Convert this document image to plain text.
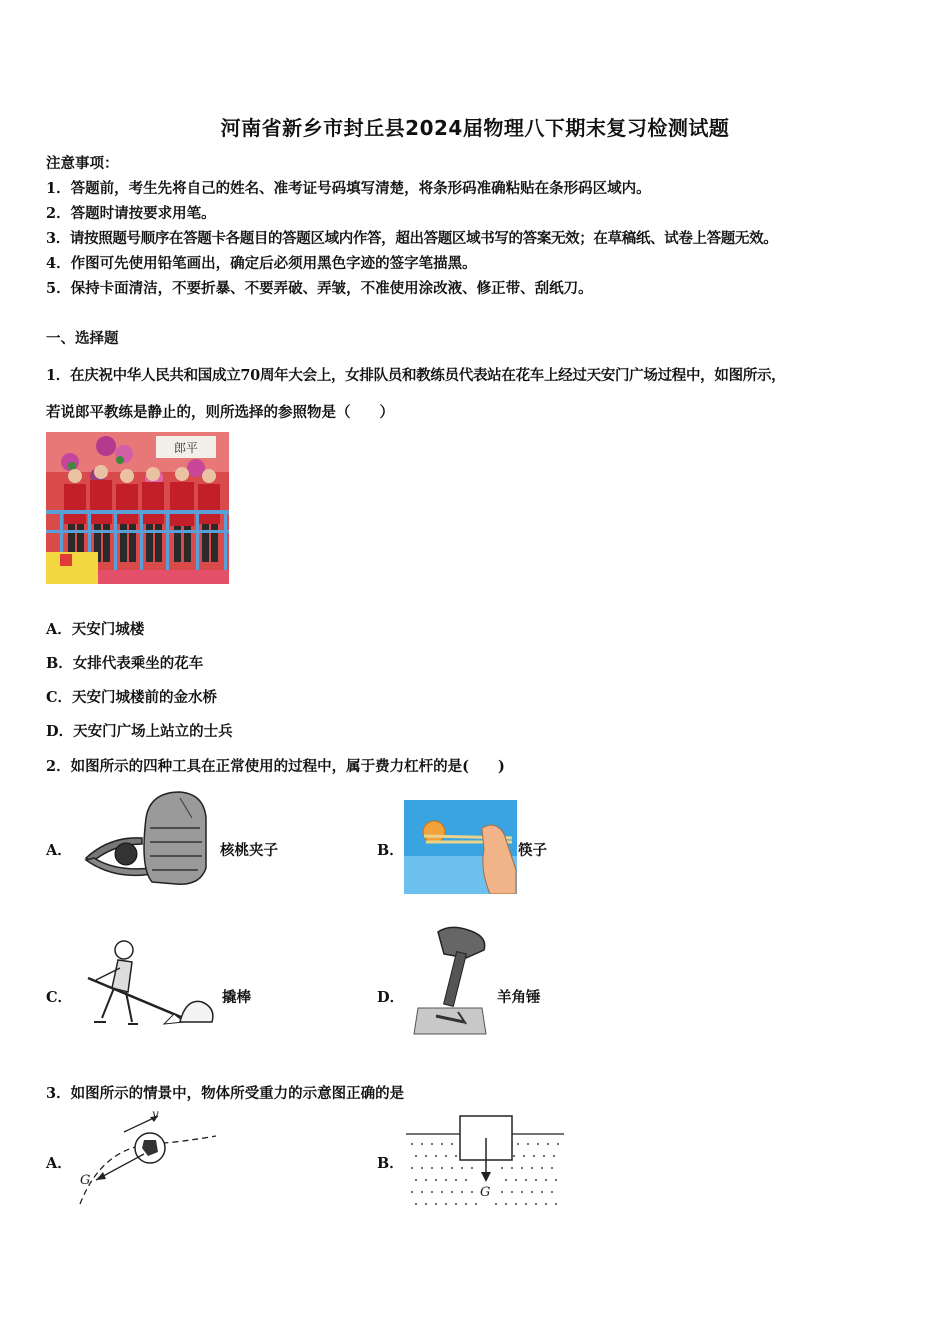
河南省新乡市封丘县2024届物理八下期末复习检测试题
注意事项：
1．答题前，考生先将自己的姓名、准考证号码填写清楚，将条形码准确粘贴在条形码区域内。
2．答题时请按要求用笔。
3．请按照题号顺序在答题卡各题目的答题区域内作答，超出答题区域书写的答案无效；在草稿纸、试卷上答题无效。
4．作图可先使用铅笔画出，确定后必须用黑色字迹的签字笔描黑。
5．保持卡面清洁，不要折暴、不要弄破、弄皱，不准使用涂改液、修正带、刮纸刀。
一、选择题
1．在庆祝中华人民共和国成立70周年大会上，女排队员和教练员代表站在花车上经过天安门广场过程中，如图所示，
若说郎平教练是静止的，则所选择的参照物是（　　）
郎平
A．天安门城楼
B．女排代表乘坐的花车
C．天安门城楼前的金水桥
D．天安门广场上站立的士兵
2．如图所示的四种工具在正常使用的过程中，属于费力杠杆的是(　　)
A．	核桃夹子	B．	筷子
C．	撬棒	D．	羊角锤
3．如图所示的情景中，物体所受重力的示意图正确的是
A．
v
G
B．
G
